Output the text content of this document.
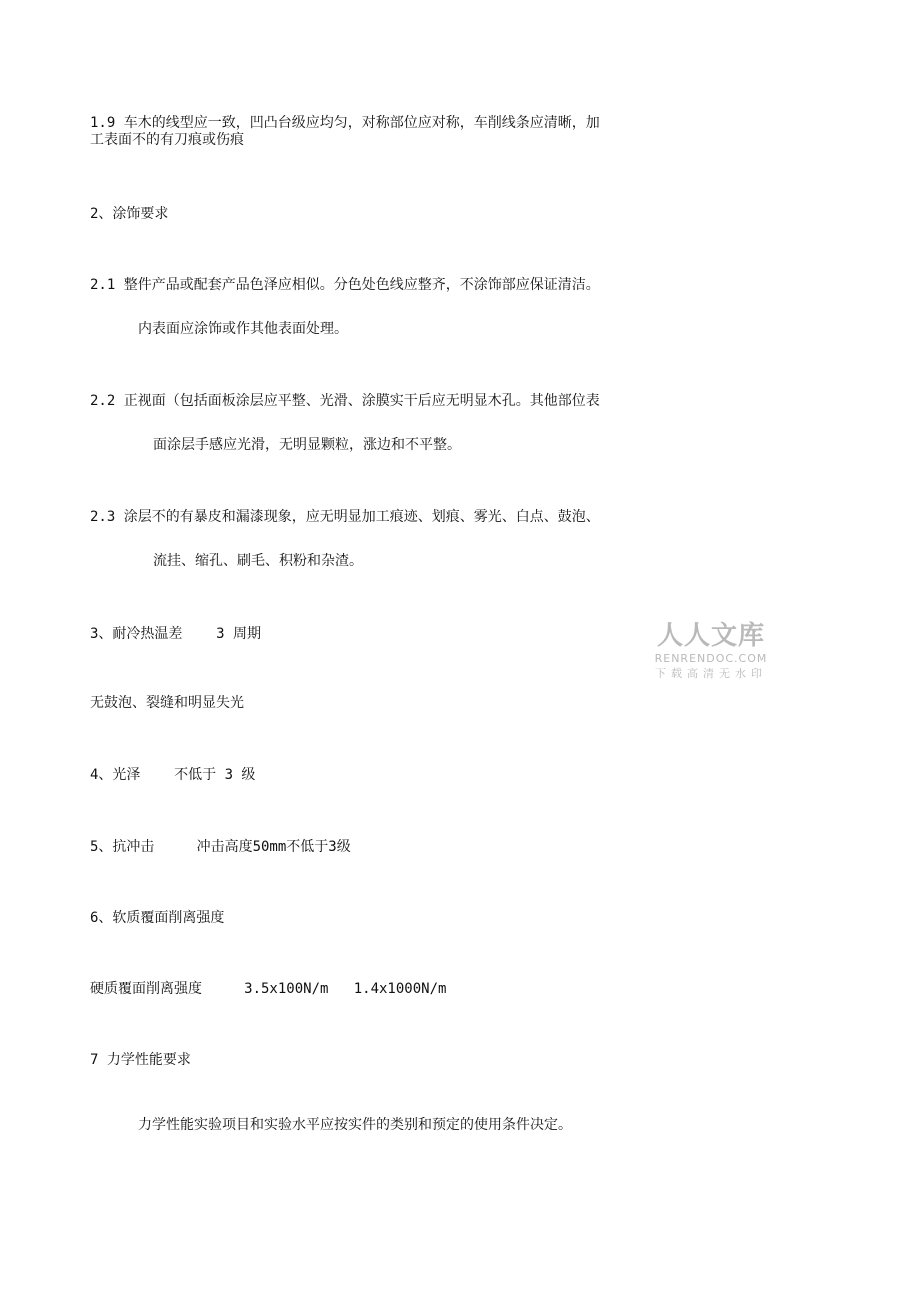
1.9 车木的线型应一致，凹凸台级应均匀，对称部位应对称，车削线条应清晰，加
工表面不的有刀痕或伤痕
2、涂饰要求
2.1 整件产品或配套产品色泽应相似。分色处色线应整齐，不涂饰部应保证清洁。
内表面应涂饰或作其他表面处理。
2.2 正视面（包括面板涂层应平整、光滑、涂膜实干后应无明显木孔。其他部位表
面涂层手感应光滑，无明显颗粒，涨边和不平整。
2.3 涂层不的有暴皮和漏漆现象，应无明显加工痕迹、划痕、雾光、白点、鼓泡、
流挂、缩孔、刷毛、积粉和杂渣。
3、耐冷热温差    3 周期
无鼓泡、裂缝和明显失光
4、光泽    不低于 3 级
5、抗冲击     冲击高度50mm不低于3级
6、软质覆面削离强度
硬质覆面削离强度     3.5x100N/m   1.4x1000N/m
7 力学性能要求
力学性能实验项目和实验水平应按实件的类别和预定的使用条件决定。
人人文库
RENRENDOC.COM
下载高清无水印
